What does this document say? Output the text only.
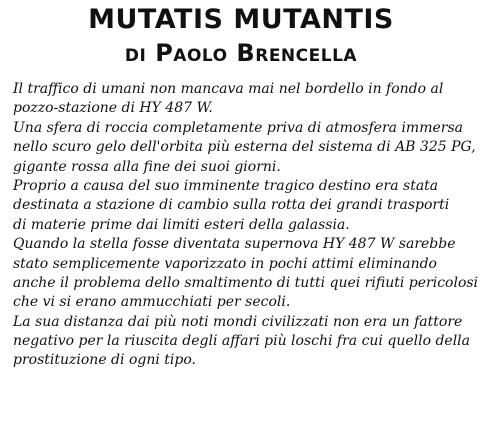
MUTATIS MUTANTIS
di Paolo Brencella
Il traffico di umani non mancava mai nel bordello in fondo al
pozzo-stazione di HY 487 W.
Una sfera di roccia completamente priva di atmosfera immersa
nello scuro gelo dell'orbita più esterna del sistema di AB 325 PG,
gigante rossa alla fine dei suoi giorni.
Proprio a causa del suo imminente tragico destino era stata
destinata a stazione di cambio sulla rotta dei grandi trasporti
di materie prime dai limiti esteri della galassia.
Quando la stella fosse diventata supernova HY 487 W sarebbe
stato semplicemente vaporizzato in pochi attimi eliminando
anche il problema dello smaltimento di tutti quei rifiuti pericolosi
che vi si erano ammucchiati per secoli.
La sua distanza dai più noti mondi civilizzati non era un fattore
negativo per la riuscita degli affari più loschi fra cui quello della
prostituzione di ogni tipo.
